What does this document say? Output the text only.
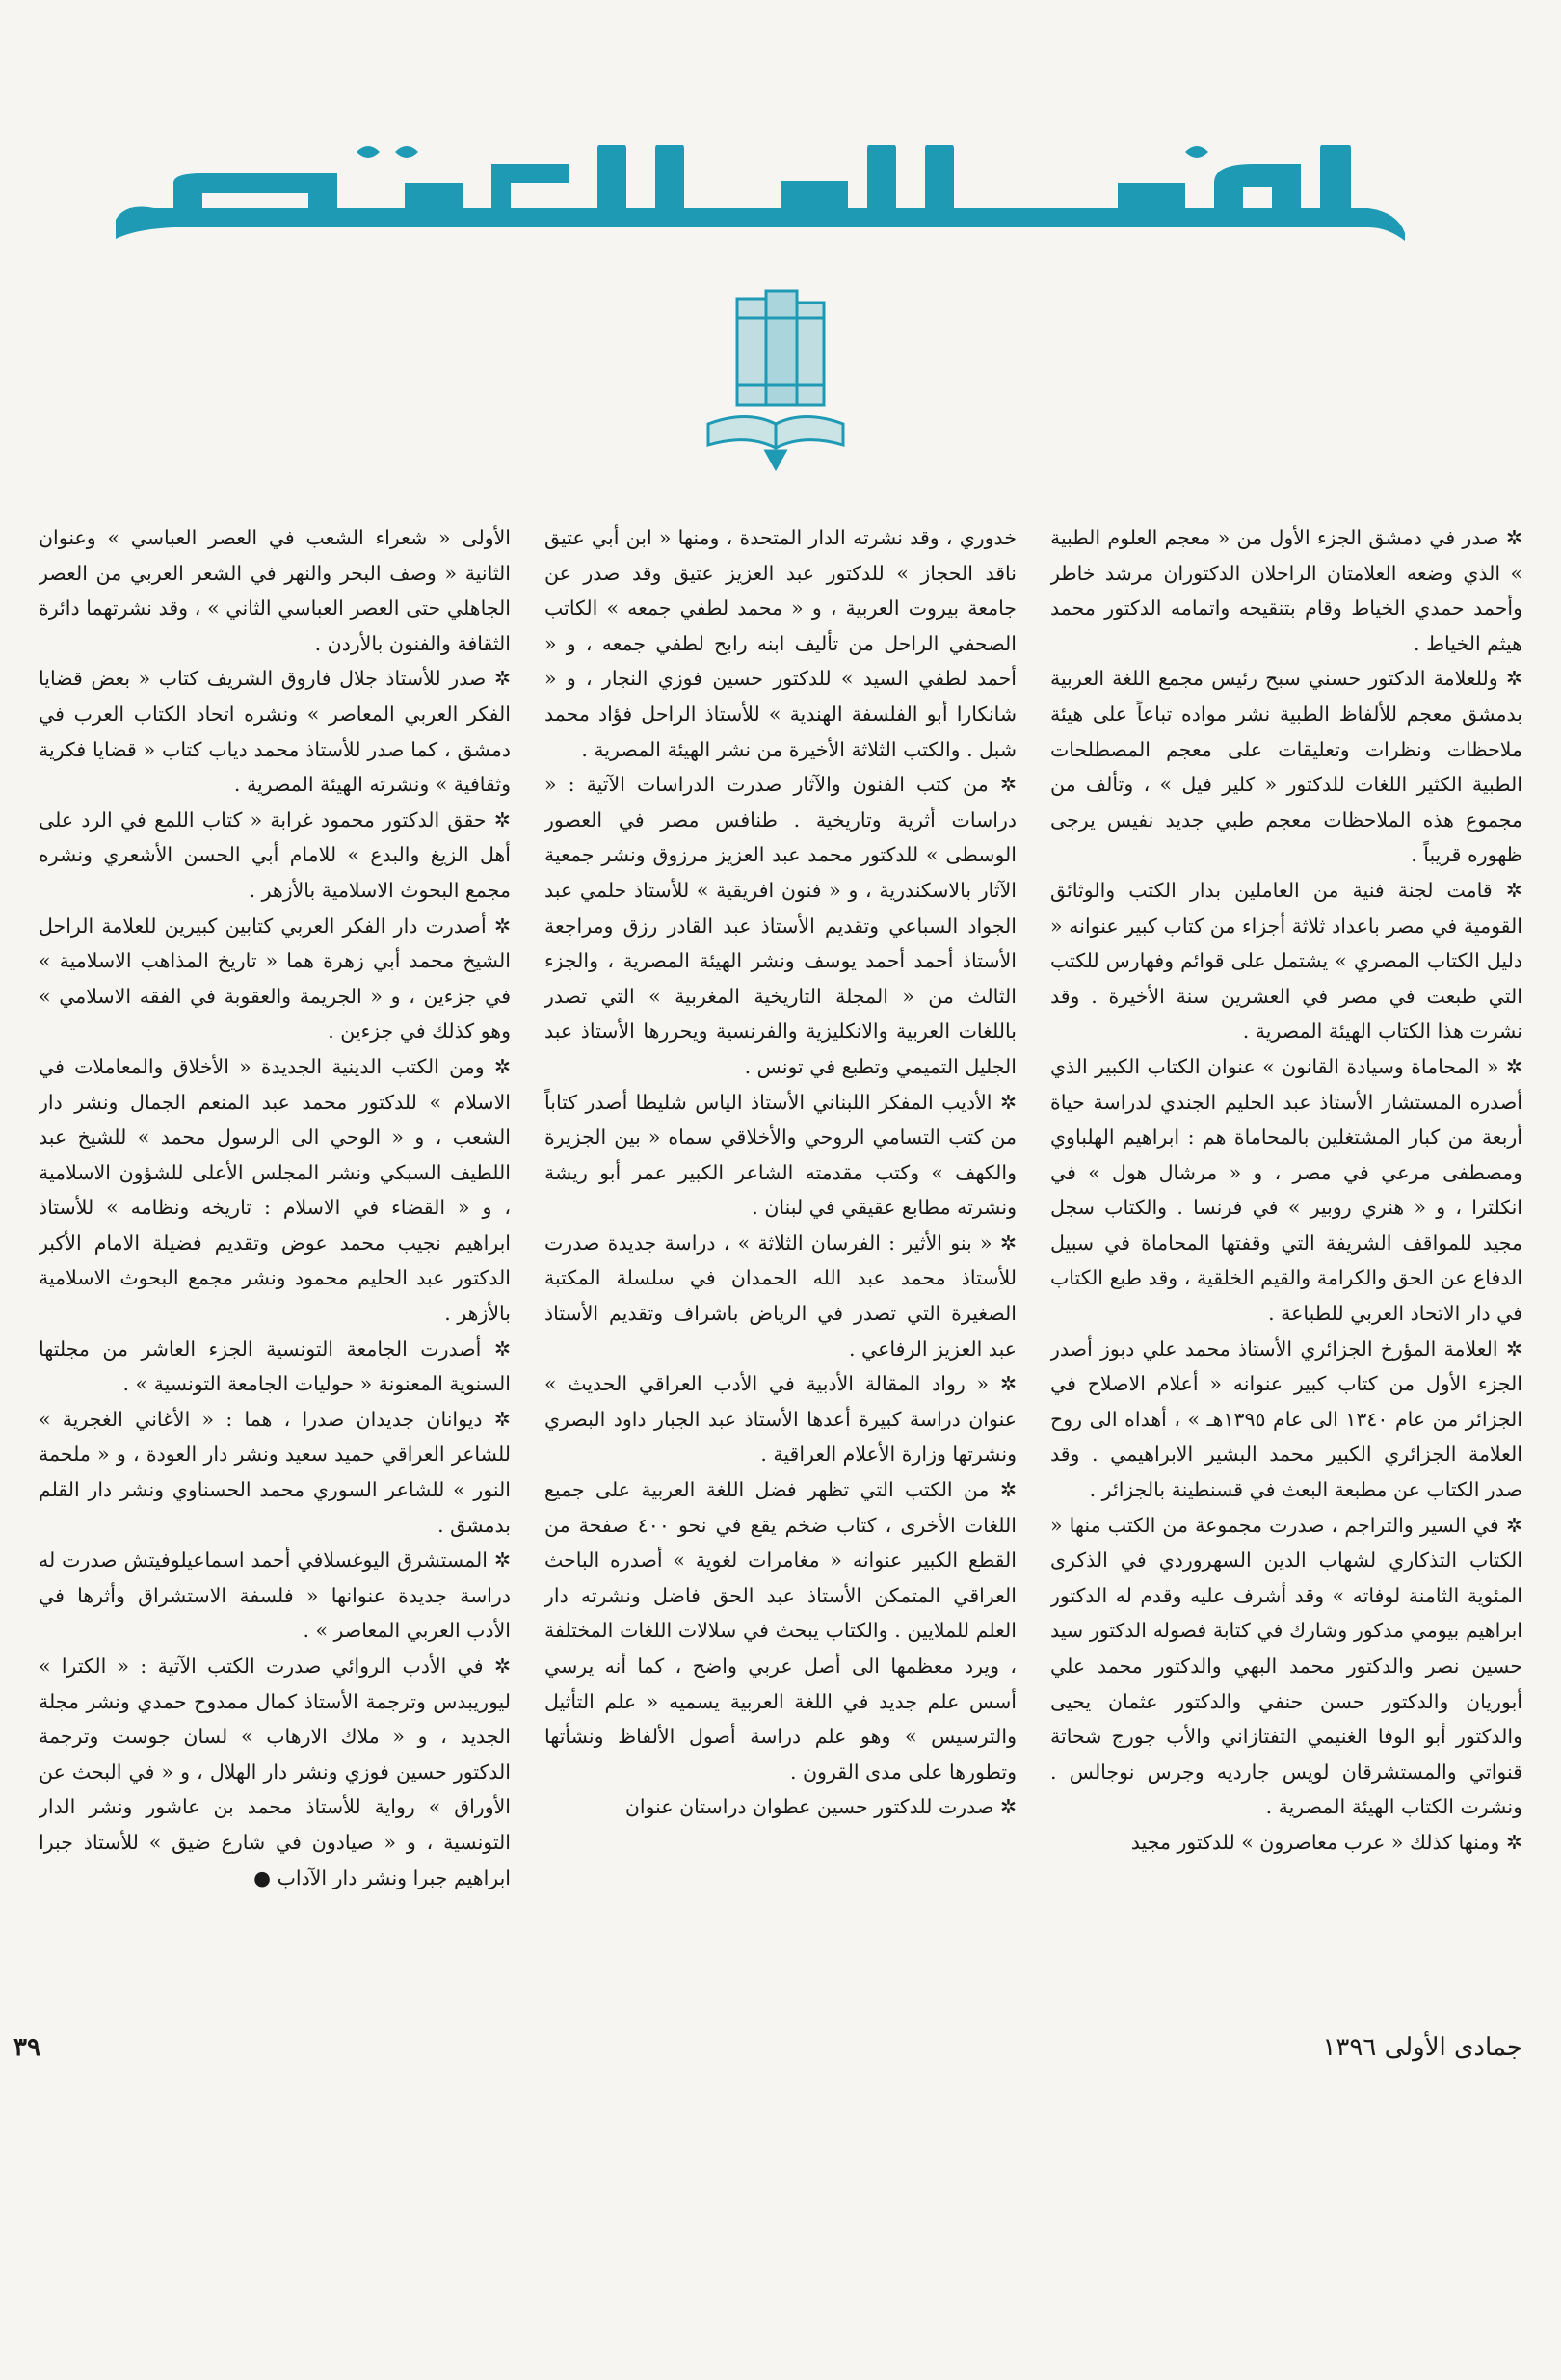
✲ صدر في دمشق الجزء الأول من « معجم العلوم الطبية » الذي وضعه العلامتان الراحلان الدكتوران مرشد خاطر وأحمد حمدي الخياط وقام بتنقيحه واتمامه الدكتور محمد هيثم الخياط .

✲ وللعلامة الدكتور حسني سبح رئيس مجمع اللغة العربية بدمشق معجم للألفاظ الطبية نشر مواده تباعاً على هيئة ملاحظات ونظرات وتعليقات على معجم المصطلحات الطبية الكثير اللغات للدكتور « كلير فيل » ، وتألف من مجموع هذه الملاحظات معجم طبي جديد نفيس يرجى ظهوره قريباً .

✲ قامت لجنة فنية من العاملين بدار الكتب والوثائق القومية في مصر باعداد ثلاثة أجزاء من كتاب كبير عنوانه « دليل الكتاب المصري » يشتمل على قوائم وفهارس للكتب التي طبعت في مصر في العشرين سنة الأخيرة . وقد نشرت هذا الكتاب الهيئة المصرية .

✲ « المحاماة وسيادة القانون » عنوان الكتاب الكبير الذي أصدره المستشار الأستاذ عبد الحليم الجندي لدراسة حياة أربعة من كبار المشتغلين بالمحاماة هم : ابراهيم الهلباوي ومصطفى مرعي في مصر ، و « مرشال هول » في انكلترا ، و « هنري روبير » في فرنسا . والكتاب سجل مجيد للمواقف الشريفة التي وقفتها المحاماة في سبيل الدفاع عن الحق والكرامة والقيم الخلقية ، وقد طبع الكتاب في دار الاتحاد العربي للطباعة .

✲ العلامة المؤرخ الجزائري الأستاذ محمد علي دبوز أصدر الجزء الأول من كتاب كبير عنوانه « أعلام الاصلاح في الجزائر من عام ١٣٤٠ الى عام ١٣٩٥هـ » ، أهداه الى روح العلامة الجزائري الكبير محمد البشير الابراهيمي . وقد صدر الكتاب عن مطبعة البعث في قسنطينة بالجزائر .

✲ في السير والتراجم ، صدرت مجموعة من الكتب منها « الكتاب التذكاري لشهاب الدين السهروردي في الذكرى المئوية الثامنة لوفاته » وقد أشرف عليه وقدم له الدكتور ابراهيم بيومي مدكور وشارك في كتابة فصوله الدكتور سيد حسين نصر والدكتور محمد البهي والدكتور محمد علي أبوريان والدكتور حسن حنفي والدكتور عثمان يحيى والدكتور أبو الوفا الغنيمي التفتازاني والأب جورج شحاتة قنواتي والمستشرقان لويس جارديه وجرس نوجالس . ونشرت الكتاب الهيئة المصرية .

✲ ومنها كذلك « عرب معاصرون » للدكتور مجيد

خدوري ، وقد نشرته الدار المتحدة ، ومنها « ابن أبي عتيق ناقد الحجاز » للدكتور عبد العزيز عتيق وقد صدر عن جامعة بيروت العربية ، و « محمد لطفي جمعه » الكاتب الصحفي الراحل من تأليف ابنه رابح لطفي جمعه ، و « أحمد لطفي السيد » للدكتور حسين فوزي النجار ، و « شانكارا أبو الفلسفة الهندية » للأستاذ الراحل فؤاد محمد شبل . والكتب الثلاثة الأخيرة من نشر الهيئة المصرية .

✲ من كتب الفنون والآثار صدرت الدراسات الآتية : « دراسات أثرية وتاريخية . طنافس مصر في العصور الوسطى » للدكتور محمد عبد العزيز مرزوق ونشر جمعية الآثار بالاسكندرية ، و « فنون افريقية » للأستاذ حلمي عبد الجواد السباعي وتقديم الأستاذ عبد القادر رزق ومراجعة الأستاذ أحمد أحمد يوسف ونشر الهيئة المصرية ، والجزء الثالث من « المجلة التاريخية المغربية » التي تصدر باللغات العربية والانكليزية والفرنسية ويحررها الأستاذ عبد الجليل التميمي وتطبع في تونس .

✲ الأديب المفكر اللبناني الأستاذ الياس شليطا أصدر كتاباً من كتب التسامي الروحي والأخلاقي سماه « بين الجزيرة والكهف » وكتب مقدمته الشاعر الكبير عمر أبو ريشة ونشرته مطابع عقيقي في لبنان .

✲ « بنو الأثير : الفرسان الثلاثة » ، دراسة جديدة صدرت للأستاذ محمد عبد الله الحمدان في سلسلة المكتبة الصغيرة التي تصدر في الرياض باشراف وتقديم الأستاذ عبد العزيز الرفاعي .

✲ « رواد المقالة الأدبية في الأدب العراقي الحديث » عنوان دراسة كبيرة أعدها الأستاذ عبد الجبار داود البصري ونشرتها وزارة الأعلام العراقية .

✲ من الكتب التي تظهر فضل اللغة العربية على جميع اللغات الأخرى ، كتاب ضخم يقع في نحو ٤٠٠ صفحة من القطع الكبير عنوانه « مغامرات لغوية » أصدره الباحث العراقي المتمكن الأستاذ عبد الحق فاضل ونشرته دار العلم للملايين . والكتاب يبحث في سلالات اللغات المختلفة ، ويرد معظمها الى أصل عربي واضح ، كما أنه يرسي أسس علم جديد في اللغة العربية يسميه « علم التأثيل والترسيس » وهو علم دراسة أصول الألفاظ ونشأتها وتطورها على مدى القرون .

✲ صدرت للدكتور حسين عطوان دراستان عنوان

الأولى « شعراء الشعب في العصر العباسي » وعنوان الثانية « وصف البحر والنهر في الشعر العربي من العصر الجاهلي حتى العصر العباسي الثاني » ، وقد نشرتهما دائرة الثقافة والفنون بالأردن .

✲ صدر للأستاذ جلال فاروق الشريف كتاب « بعض قضايا الفكر العربي المعاصر » ونشره اتحاد الكتاب العرب في دمشق ، كما صدر للأستاذ محمد دياب كتاب « قضايا فكرية وثقافية » ونشرته الهيئة المصرية .

✲ حقق الدكتور محمود غرابة « كتاب اللمع في الرد على أهل الزيغ والبدع » للامام أبي الحسن الأشعري ونشره مجمع البحوث الاسلامية بالأزهر .

✲ أصدرت دار الفكر العربي كتابين كبيرين للعلامة الراحل الشيخ محمد أبي زهرة هما « تاريخ المذاهب الاسلامية » في جزءين ، و « الجريمة والعقوبة في الفقه الاسلامي » وهو كذلك في جزءين .

✲ ومن الكتب الدينية الجديدة « الأخلاق والمعاملات في الاسلام » للدكتور محمد عبد المنعم الجمال ونشر دار الشعب ، و « الوحي الى الرسول محمد » للشيخ عبد اللطيف السبكي ونشر المجلس الأعلى للشؤون الاسلامية ، و « القضاء في الاسلام : تاريخه ونظامه » للأستاذ ابراهيم نجيب محمد عوض وتقديم فضيلة الامام الأكبر الدكتور عبد الحليم محمود ونشر مجمع البحوث الاسلامية بالأزهر .

✲ أصدرت الجامعة التونسية الجزء العاشر من مجلتها السنوية المعنونة « حوليات الجامعة التونسية » .

✲ ديوانان جديدان صدرا ، هما : « الأغاني الغجرية » للشاعر العراقي حميد سعيد ونشر دار العودة ، و « ملحمة النور » للشاعر السوري محمد الحسناوي ونشر دار القلم بدمشق .

✲ المستشرق اليوغسلافي أحمد اسماعيلوفيتش صدرت له دراسة جديدة عنوانها « فلسفة الاستشراق وأثرها في الأدب العربي المعاصر » .

✲ في الأدب الروائي صدرت الكتب الآتية : « الكترا » ليوريبدس وترجمة الأستاذ كمال ممدوح حمدي ونشر مجلة الجديد ، و « ملاك الارهاب » لسان جوست وترجمة الدكتور حسين فوزي ونشر دار الهلال ، و « في البحث عن الأوراق » رواية للأستاذ محمد بن عاشور ونشر الدار التونسية ، و « صيادون في شارع ضيق » للأستاذ جبرا ابراهيم جبرا ونشر دار الآداب ●

جمادى الأولى ١٣٩٦
٣٩
